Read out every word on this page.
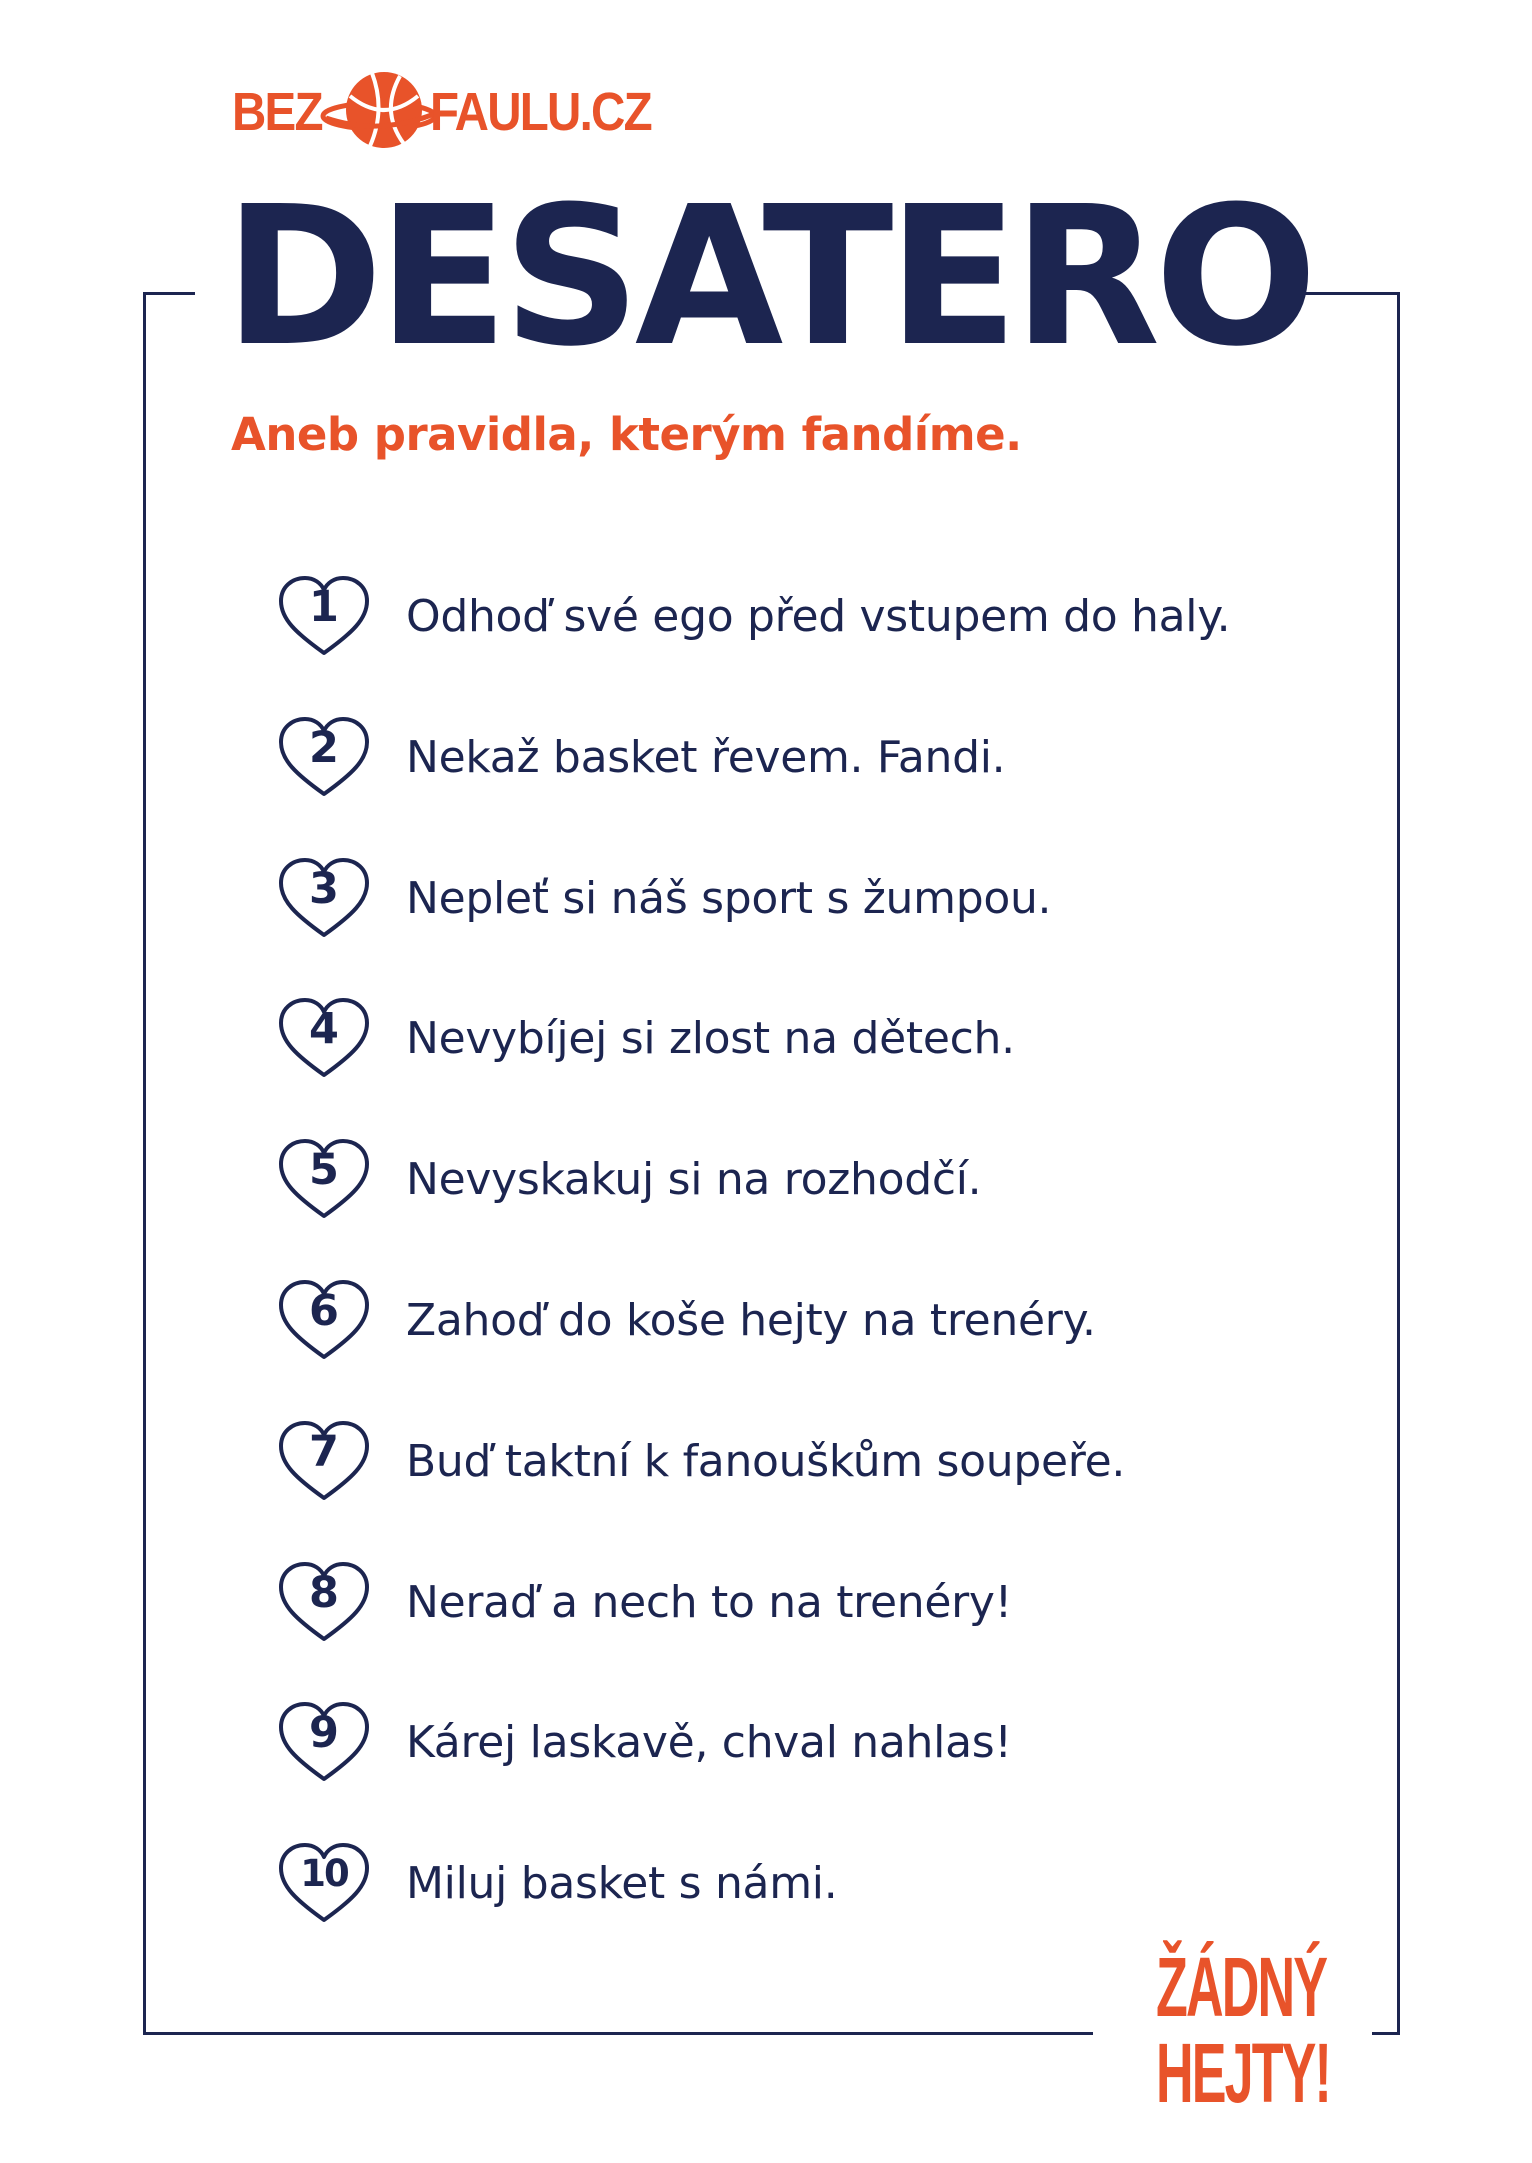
BEZ FAULU.CZ
DESATERO

Aneb pravidla, kterým fandíme.

1	Odhoď své ego před vstupem do haly.
2	Nekaž basket řevem. Fandi.
3	Nepleť si náš sport s žumpou.
4	Nevybíjej si zlost na dětech.
5	Nevyskakuj si na rozhodčí.
6	Zahoď do koše hejty na trenéry.
7	Buď taktní k fanouškům soupeře.
8	Neraď a nech to na trenéry!
9	Kárej laskavě, chval nahlas!
10	Miluj basket s námi.
ŽÁDNÝ
HEJTY!
